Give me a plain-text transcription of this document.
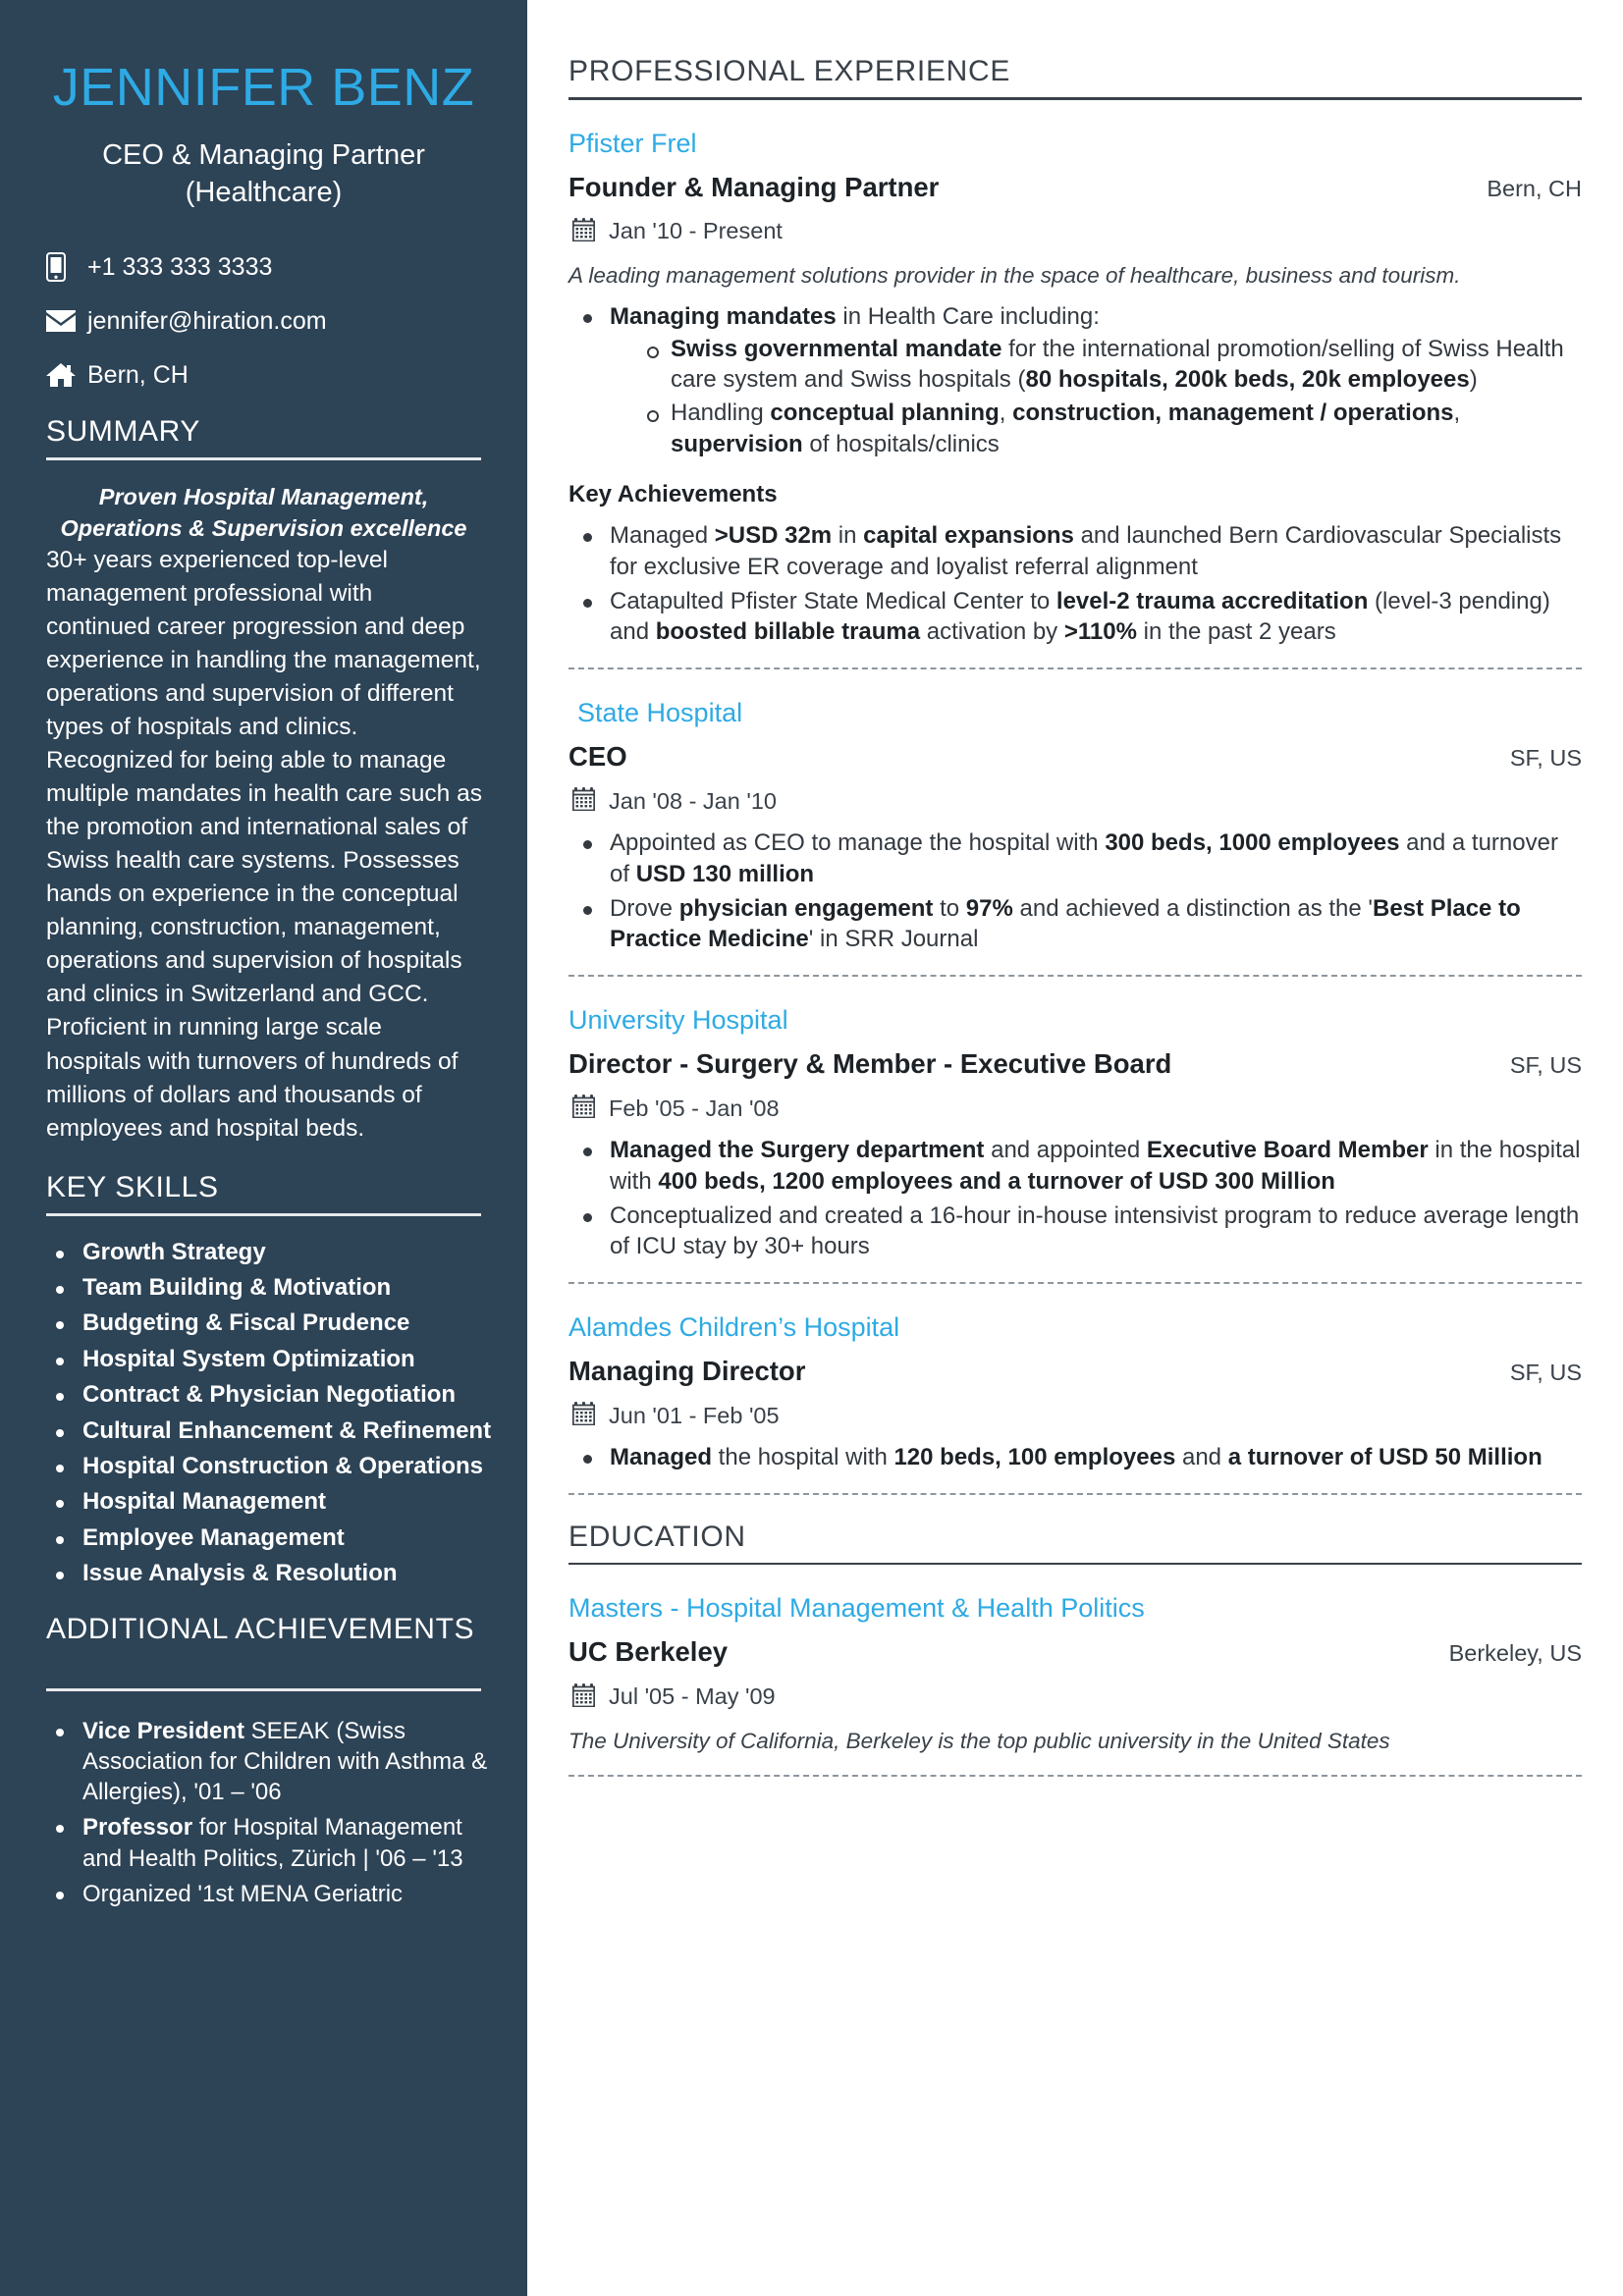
JENNIFER BENZ
CEO & Managing Partner (Healthcare)
+1 333 333 3333
jennifer@hiration.com
Bern, CH
SUMMARY
Proven Hospital Management, Operations & Supervision excellence
30+ years experienced top-level management professional with continued career progression and deep experience in handling the management, operations and supervision of different types of hospitals and clinics. Recognized for being able to manage multiple mandates in health care such as the promotion and international sales of Swiss health care systems. Possesses hands on experience in the conceptual planning, construction, management, operations and supervision of hospitals and clinics in Switzerland and GCC. Proficient in running large scale hospitals with turnovers of hundreds of millions of dollars and thousands of employees and hospital beds.
KEY SKILLS
Growth Strategy
Team Building & Motivation
Budgeting & Fiscal Prudence
Hospital System Optimization
Contract & Physician Negotiation
Cultural Enhancement & Refinement
Hospital Construction & Operations
Hospital Management
Employee Management
Issue Analysis & Resolution
ADDITIONAL ACHIEVEMENTS
Vice President SEEAK (Swiss Association for Children with Asthma & Allergies), '01 – '06
Professor for Hospital Management and Health Politics, Zürich | '06 – '13
Organized '1st MENA Geriatric
PROFESSIONAL EXPERIENCE
Pfister Frel
Founder & Managing Partner	Bern, CH
Jan '10 - Present
A leading management solutions provider in the space of healthcare, business and tourism.
Managing mandates in Health Care including:
Swiss governmental mandate for the international promotion/selling of Swiss Health care system and Swiss hospitals (80 hospitals, 200k beds, 20k employees)
Handling conceptual planning, construction, management / operations, supervision of hospitals/clinics
Key Achievements
Managed >USD 32m in capital expansions and launched Bern Cardiovascular Specialists for exclusive ER coverage and loyalist referral alignment
Catapulted Pfister State Medical Center to level-2 trauma accreditation (level-3 pending) and boosted billable trauma activation by >110% in the past 2 years
State Hospital
CEO	SF, US
Jan '08 - Jan '10
Appointed as CEO to manage the hospital with 300 beds, 1000 employees and a turnover of USD 130 million
Drove physician engagement to 97% and achieved a distinction as the 'Best Place to Practice Medicine' in SRR Journal
University Hospital
Director - Surgery & Member - Executive Board	SF, US
Feb '05 - Jan '08
Managed the Surgery department and appointed Executive Board Member in the hospital with 400 beds, 1200 employees and a turnover of USD 300 Million
Conceptualized and created a 16-hour in-house intensivist program to reduce average length of ICU stay by 30+ hours
Alamdes Children’s Hospital
Managing Director	SF, US
Jun '01 - Feb '05
Managed the hospital with 120 beds, 100 employees and a turnover of USD 50 Million
EDUCATION
Masters - Hospital Management & Health Politics
UC Berkeley	Berkeley, US
Jul '05 - May '09
The University of California, Berkeley is the top public university in the United States
